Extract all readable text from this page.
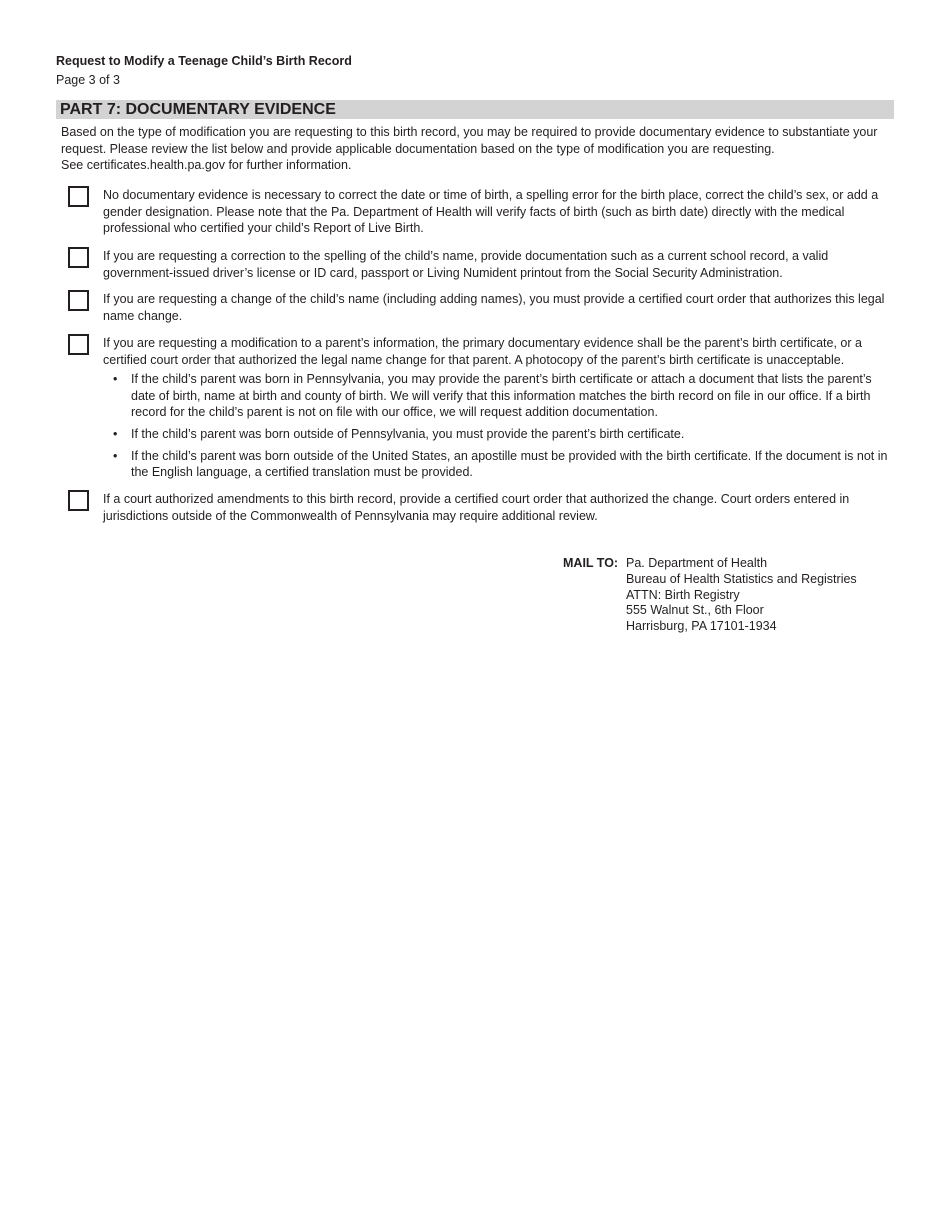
Request to Modify a Teenage Child’s Birth Record
Page 3 of 3
PART 7: DOCUMENTARY EVIDENCE

Based on the type of modification you are requesting to this birth record, you may be required to provide documentary evidence to substantiate your request. Please review the list below and provide applicable documentation based on the type of modification you are requesting.

See certificates.health.pa.gov for further information.

No documentary evidence is necessary to correct the date or time of birth, a spelling error for the birth place, correct the child’s sex, or add a gender designation. Please note that the Pa. Department of Health will verify facts of birth (such as birth date) directly with the medical professional who certified your child’s Report of Live Birth.
If you are requesting a correction to the spelling of the child’s name, provide documentation such as a current school record, a valid government-issued driver’s license or ID card, passport or Living Numident printout from the Social Security Administration.
If you are requesting a change of the child’s name (including adding names), you must provide a certified court order that authorizes this legal name change.
If you are requesting a modification to a parent’s information, the primary documentary evidence shall be the parent’s birth certificate, or a certified court order that authorized the legal name change for that parent. A photocopy of the parent’s birth certificate is unacceptable.
• If the child’s parent was born in Pennsylvania, you may provide the parent’s birth certificate or attach a document that lists the parent’s date of birth, name at birth and county of birth. We will verify that this information matches the birth record on file in our office. If a birth record for the child’s parent is not on file with our office, we will request addition documentation.
• If the child’s parent was born outside of Pennsylvania, you must provide the parent’s birth certificate.
• If the child’s parent was born outside of the United States, an apostille must be provided with the birth certificate. If the document is not in the English language, a certified translation must be provided.
If a court authorized amendments to this birth record, provide a certified court order that authorized the change. Court orders entered in jurisdictions outside of the Commonwealth of Pennsylvania may require additional review.
MAIL TO: Pa. Department of Health
Bureau of Health Statistics and Registries
ATTN: Birth Registry
555 Walnut St., 6th Floor
Harrisburg, PA 17101-1934
